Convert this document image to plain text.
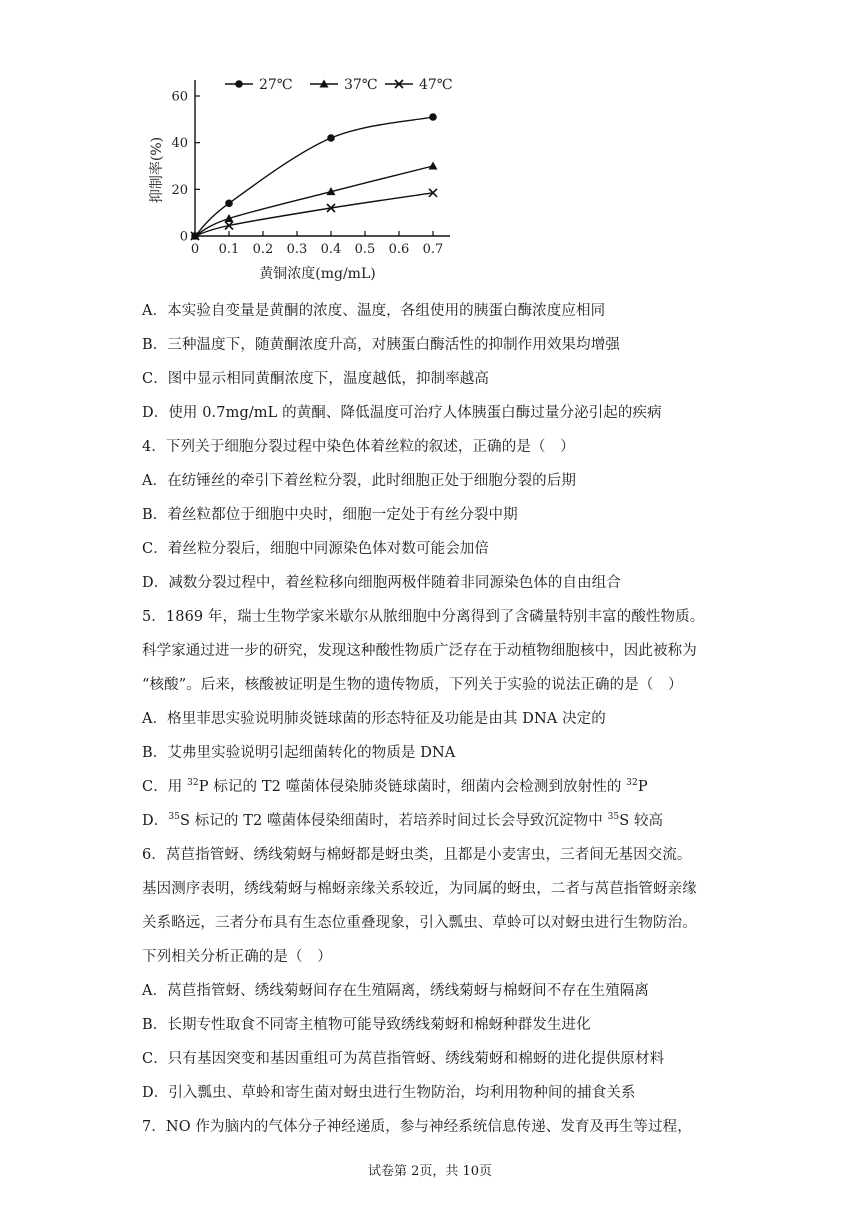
0
20
40
60
0 0.1 0.2 0.3 0.4 0.5 0.6 0.7
黄铜浓度(mg/mL)
抑制率(%)
27℃	37℃	47℃

A．本实验自变量是黄酮的浓度、温度，各组使用的胰蛋白酶浓度应相同

B．三种温度下，随黄酮浓度升高，对胰蛋白酶活性的抑制作用效果均增强

C．图中显示相同黄酮浓度下，温度越低，抑制率越高

D．使用 0.7mg/mL 的黄酮、降低温度可治疗人体胰蛋白酶过量分泌引起的疾病

4．下列关于细胞分裂过程中染色体着丝粒的叙述，正确的是（　）

A．在纺锤丝的牵引下着丝粒分裂，此时细胞正处于细胞分裂的后期

B．着丝粒都位于细胞中央时，细胞一定处于有丝分裂中期

C．着丝粒分裂后，细胞中同源染色体对数可能会加倍

D．减数分裂过程中，着丝粒移向细胞两极伴随着非同源染色体的自由组合

5．1869 年，瑞士生物学家米歇尔从脓细胞中分离得到了含磷量特别丰富的酸性物质。

科学家通过进一步的研究，发现这种酸性物质广泛存在于动植物细胞核中，因此被称为

“核酸”。后来，核酸被证明是生物的遗传物质，下列关于实验的说法正确的是（　）

A．格里菲思实验说明肺炎链球菌的形态特征及功能是由其 DNA 决定的

B．艾弗里实验说明引起细菌转化的物质是 DNA

C．用 $^{32}$P 标记的 T2 噬菌体侵染肺炎链球菌时，细菌内会检测到放射性的 $^{32}$P

D．$^{35}$S 标记的 T2 噬菌体侵染细菌时，若培养时间过长会导致沉淀物中 $^{35}$S 较高

6．莴苣指管蚜、绣线菊蚜与棉蚜都是蚜虫类，且都是小麦害虫，三者间无基因交流。

基因测序表明，绣线菊蚜与棉蚜亲缘关系较近，为同属的蚜虫，二者与莴苣指管蚜亲缘

关系略远，三者分布具有生态位重叠现象，引入瓢虫、草蛉可以对蚜虫进行生物防治。

下列相关分析正确的是（　）

A．莴苣指管蚜、绣线菊蚜间存在生殖隔离，绣线菊蚜与棉蚜间不存在生殖隔离

B．长期专性取食不同寄主植物可能导致绣线菊蚜和棉蚜种群发生进化

C．只有基因突变和基因重组可为莴苣指管蚜、绣线菊蚜和棉蚜的进化提供原材料

D．引入瓢虫、草蛉和寄生菌对蚜虫进行生物防治，均利用物种间的捕食关系

7．NO 作为脑内的气体分子神经递质，参与神经系统信息传递、发育及再生等过程，

试卷第 2页，共 10页
